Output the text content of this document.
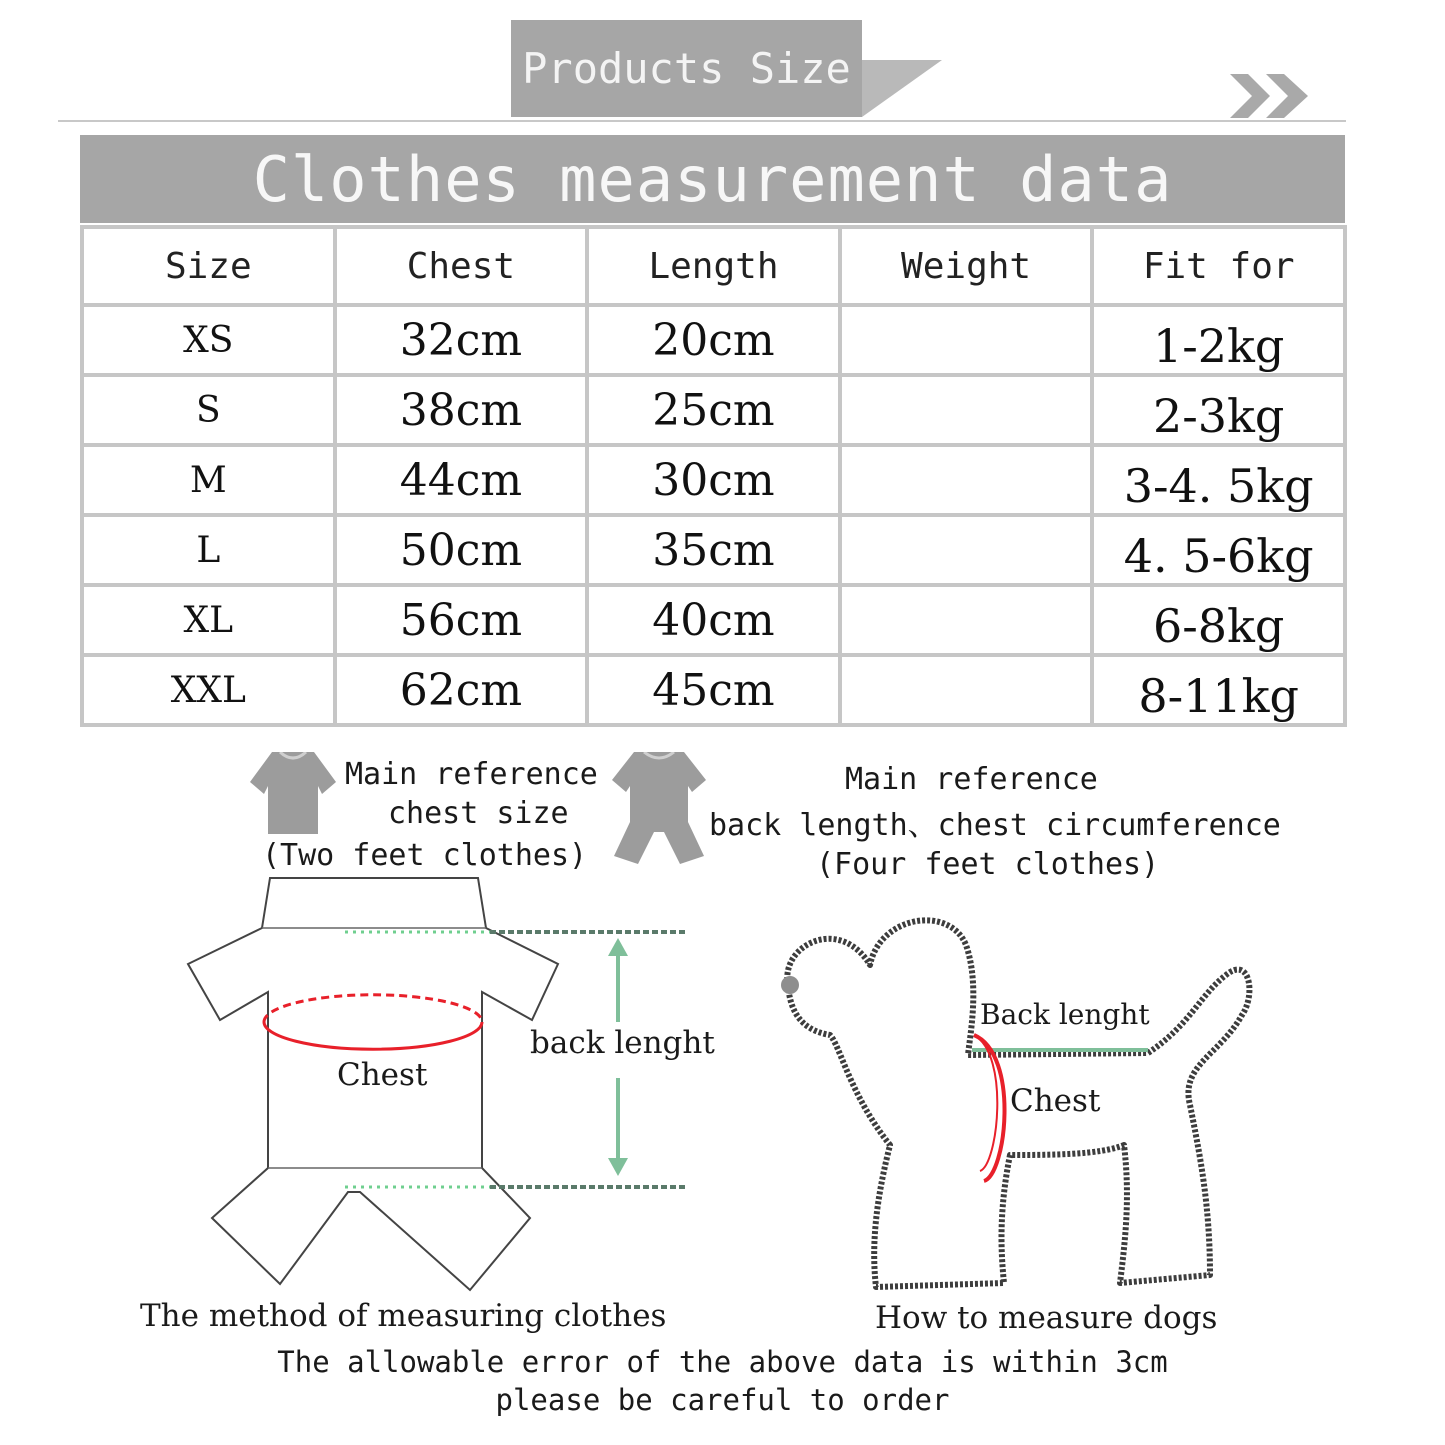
Products Size
Clothes measurement data
Size	Chest	Length	Weight	Fit for
XS	32cm	20cm		1-2kg
S	38cm	25cm		2-3kg
M	44cm	30cm		3-4. 5kg
L	50cm	35cm		4. 5-6kg
XL	56cm	40cm		6-8kg
XXL	62cm	45cm		8-11kg
Main reference
chest size
(Two feet clothes)
Main reference
back length、chest circumference
(Four feet clothes)
Chest
back lenght
The method of measuring clothes
Back lenght
Chest
How to measure dogs
The allowable error of the above data is within 3cm
please be careful to order
